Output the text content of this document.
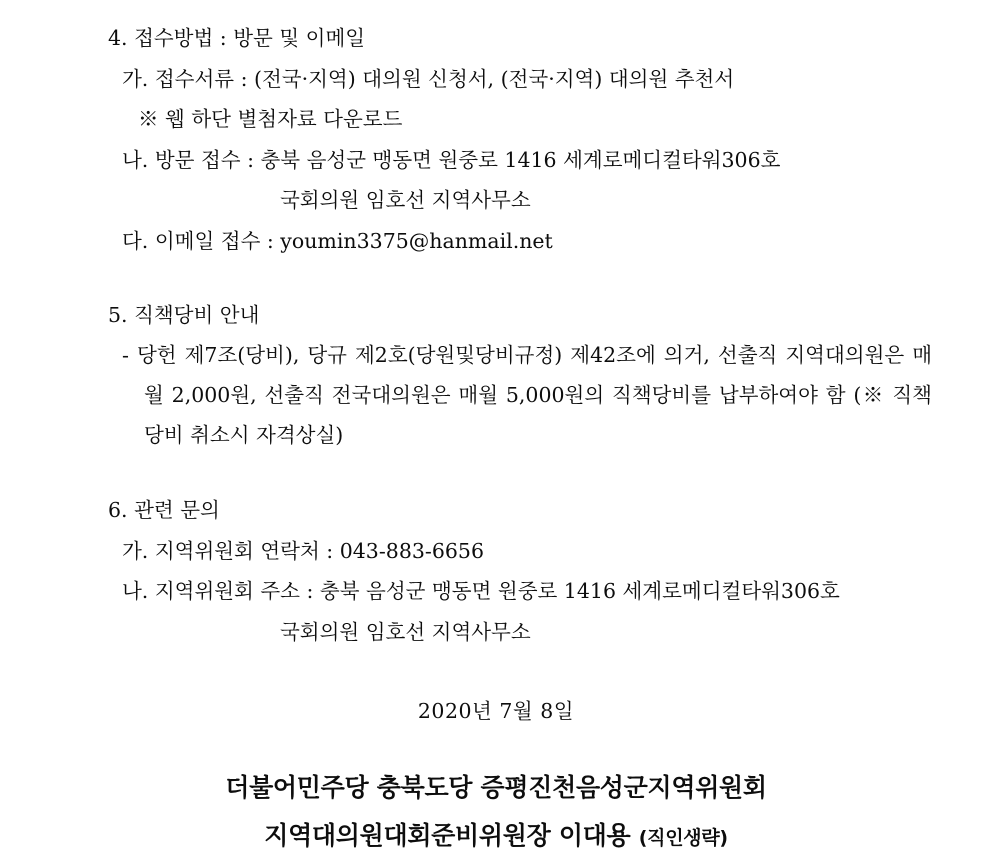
4. 접수방법 : 방문 및 이메일
가. 접수서류 : (전국·지역) 대의원 신청서, (전국·지역) 대의원 추천서
※ 웹 하단 별첨자료 다운로드
나. 방문 접수 : 충북 음성군 맹동면 원중로 1416 세계로메디컬타워306호
국회의원 임호선 지역사무소
다. 이메일 접수 : youmin3375@hanmail.net
5. 직책당비 안내
- 당헌 제7조(당비), 당규 제2호(당원및당비규정) 제42조에 의거, 선출직 지역대의원은 매월 2,000원, 선출직 전국대의원은 매월 5,000원의 직책당비를 납부하여야 함 (※ 직책당비 취소시 자격상실)
6. 관련 문의
가. 지역위원회 연락처 : 043-883-6656
나. 지역위원회 주소 : 충북 음성군 맹동면 원중로 1416 세계로메디컬타워306호
국회의원 임호선 지역사무소
2020년 7월 8일
더불어민주당 충북도당 증평진천음성군지역위원회
지역대의원대회준비위원장 이대용 (직인생략)
